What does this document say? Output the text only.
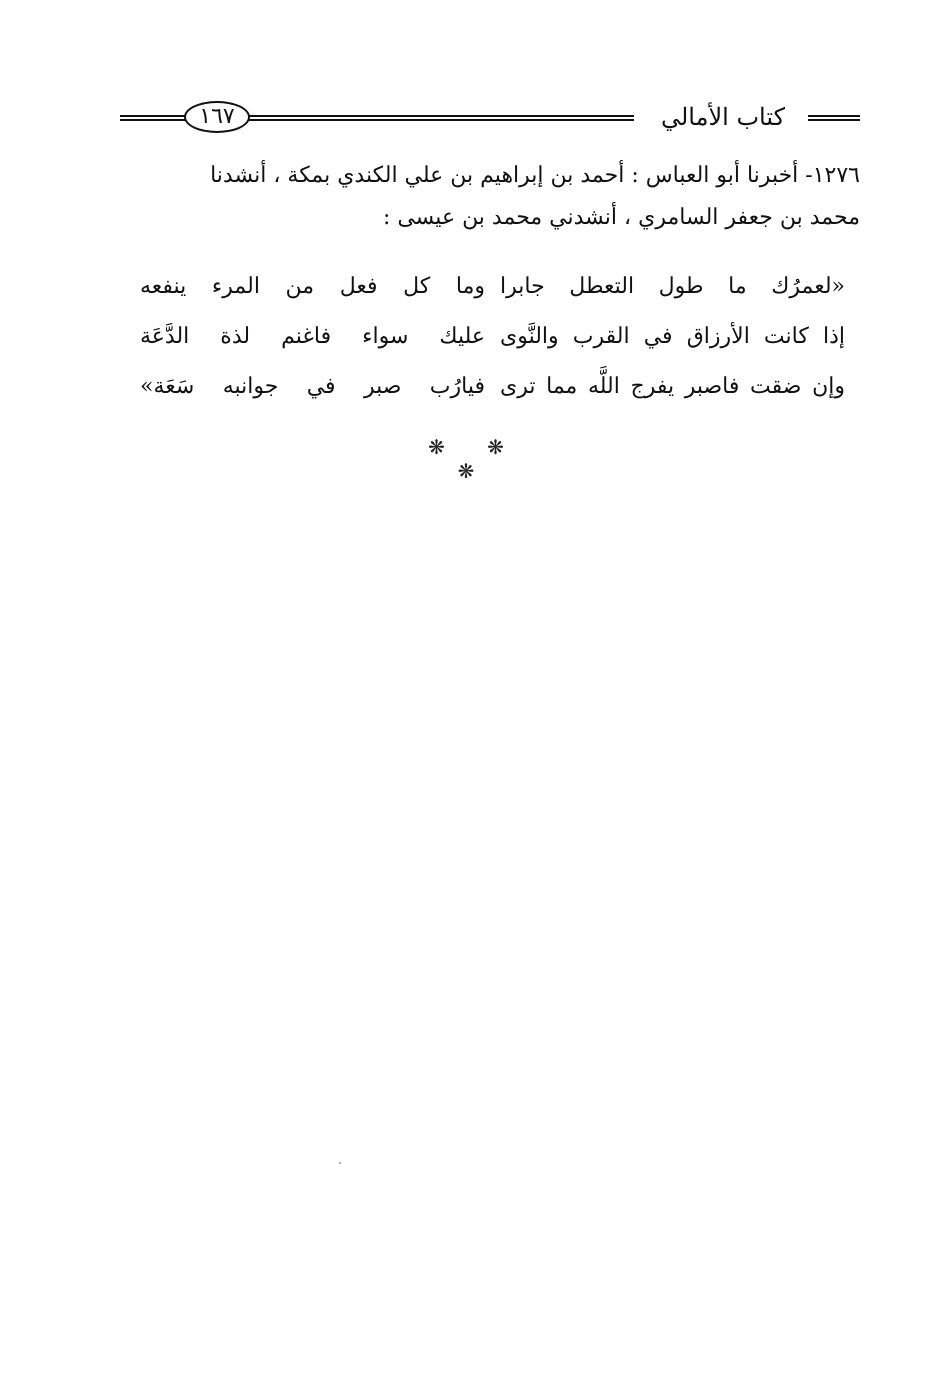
١٦٧	كتاب الأمالي
١٢٧٦- أخبرنا أبو العباس : أحمد بن إبراهيم بن علي الكندي بمكة ، أنشدنا
محمد بن جعفر السامري ، أنشدني محمد بن عيسى :
«لعمرُك ما طول التعطل جابرا
وما كل فعل من المرء ينفعه
إذا كانت الأرزاق في القرب والنَّوى
عليك سواء فاغنم لذة الدَّعَة
وإن ضقت فاصبر يفرج اللَّه مما ترى
فيارُب صبر في جوانبه سَعَة»
❋ ❋ ❋
